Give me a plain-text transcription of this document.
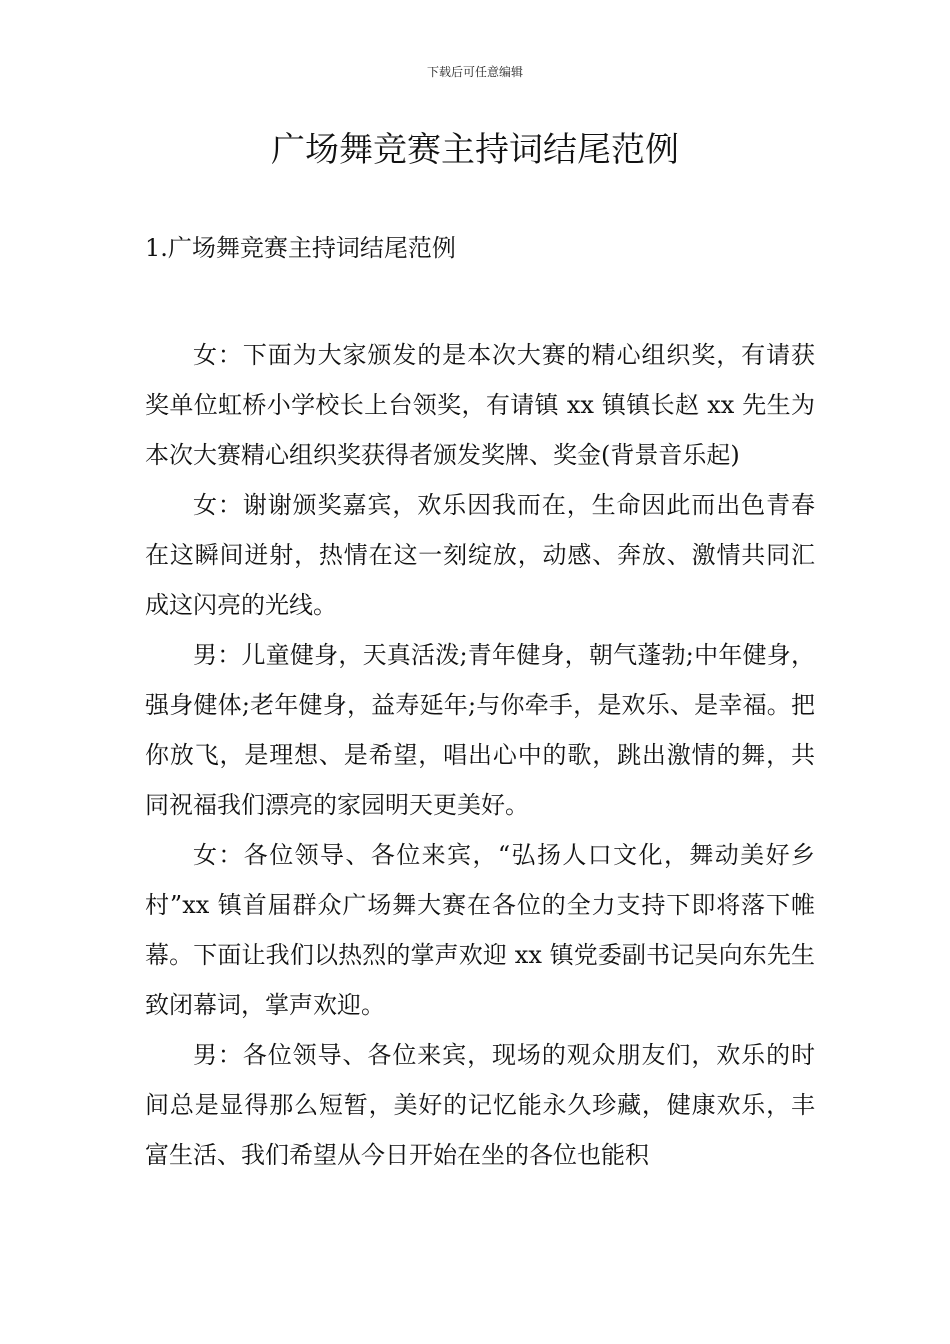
下载后可任意编辑
广场舞竞赛主持词结尾范例
1.广场舞竞赛主持词结尾范例

女：下面为大家颁发的是本次大赛的精心组织奖，有请获奖单位虹桥小学校长上台领奖，有请镇 xx 镇镇长赵 xx 先生为本次大赛精心组织奖获得者颁发奖牌、奖金(背景音乐起)

女：谢谢颁奖嘉宾，欢乐因我而在，生命因此而出色青春在这瞬间迸射，热情在这一刻绽放，动感、奔放、激情共同汇成这闪亮的光线。

男：儿童健身，天真活泼;青年健身，朝气蓬勃;中年健身，强身健体;老年健身，益寿延年;与你牵手，是欢乐、是幸福。把你放飞，是理想、是希望，唱出心中的歌，跳出激情的舞，共同祝福我们漂亮的家园明天更美好。

女：各位领导、各位来宾，“弘扬人口文化，舞动美好乡村”xx 镇首届群众广场舞大赛在各位的全力支持下即将落下帷幕。下面让我们以热烈的掌声欢迎 xx 镇党委副书记吴向东先生致闭幕词，掌声欢迎。

男：各位领导、各位来宾，现场的观众朋友们，欢乐的时间总是显得那么短暂，美好的记忆能永久珍藏，健康欢乐，丰富生活、我们希望从今日开始在坐的各位也能积
